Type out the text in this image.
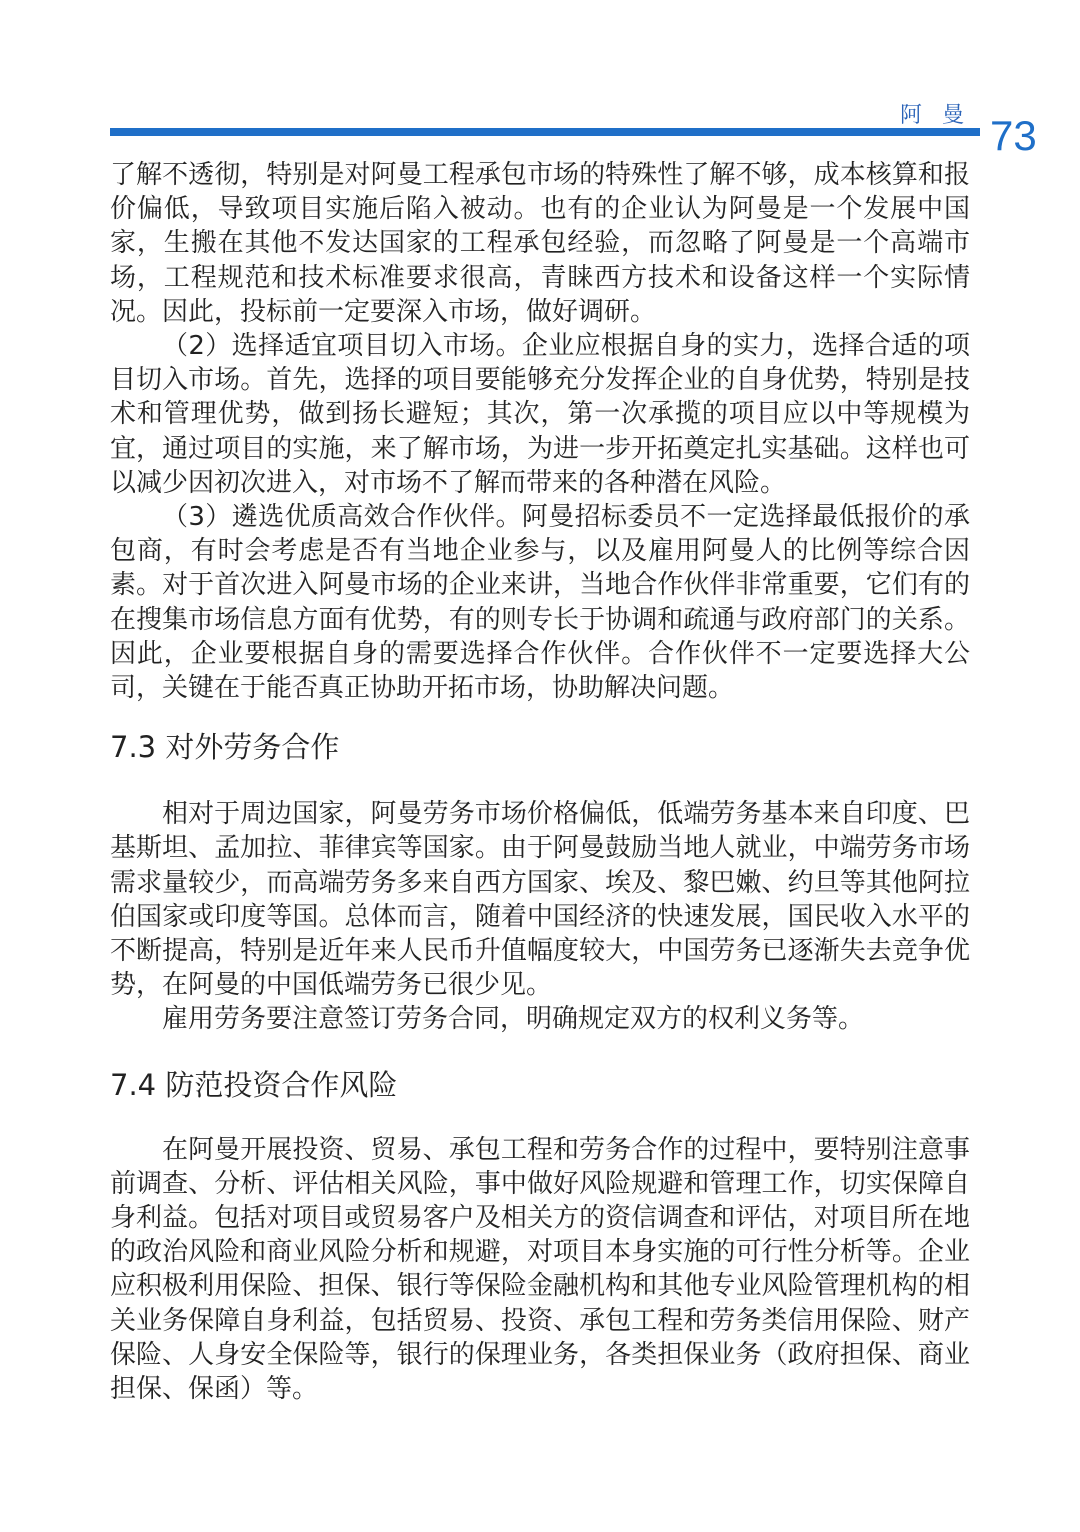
阿曼 73

了解不透彻，特别是对阿曼工程承包市场的特殊性了解不够，成本核算和报价偏低，导致项目实施后陷入被动。也有的企业认为阿曼是一个发展中国家，生搬在其他不发达国家的工程承包经验，而忽略了阿曼是一个高端市场，工程规范和技术标准要求很高，青睐西方技术和设备这样一个实际情况。因此，投标前一定要深入市场，做好调研。

（2）选择适宜项目切入市场。企业应根据自身的实力，选择合适的项目切入市场。首先，选择的项目要能够充分发挥企业的自身优势，特别是技术和管理优势，做到扬长避短；其次，第一次承揽的项目应以中等规模为宜，通过项目的实施，来了解市场，为进一步开拓奠定扎实基础。这样也可以减少因初次进入，对市场不了解而带来的各种潜在风险。

（3）遴选优质高效合作伙伴。阿曼招标委员不一定选择最低报价的承包商，有时会考虑是否有当地企业参与，以及雇用阿曼人的比例等综合因素。对于首次进入阿曼市场的企业来讲，当地合作伙伴非常重要，它们有的在搜集市场信息方面有优势，有的则专长于协调和疏通与政府部门的关系。因此，企业要根据自身的需要选择合作伙伴。合作伙伴不一定要选择大公司，关键在于能否真正协助开拓市场，协助解决问题。

7.3 对外劳务合作

相对于周边国家，阿曼劳务市场价格偏低，低端劳务基本来自印度、巴基斯坦、孟加拉、菲律宾等国家。由于阿曼鼓励当地人就业，中端劳务市场需求量较少，而高端劳务多来自西方国家、埃及、黎巴嫩、约旦等其他阿拉伯国家或印度等国。总体而言，随着中国经济的快速发展，国民收入水平的不断提高，特别是近年来人民币升值幅度较大，中国劳务已逐渐失去竞争优势，在阿曼的中国低端劳务已很少见。

雇用劳务要注意签订劳务合同，明确规定双方的权利义务等。

7.4 防范投资合作风险

在阿曼开展投资、贸易、承包工程和劳务合作的过程中，要特别注意事前调查、分析、评估相关风险，事中做好风险规避和管理工作，切实保障自身利益。包括对项目或贸易客户及相关方的资信调查和评估，对项目所在地的政治风险和商业风险分析和规避，对项目本身实施的可行性分析等。企业应积极利用保险、担保、银行等保险金融机构和其他专业风险管理机构的相关业务保障自身利益，包括贸易、投资、承包工程和劳务类信用保险、财产保险、人身安全保险等，银行的保理业务，各类担保业务（政府担保、商业担保、保函）等。
